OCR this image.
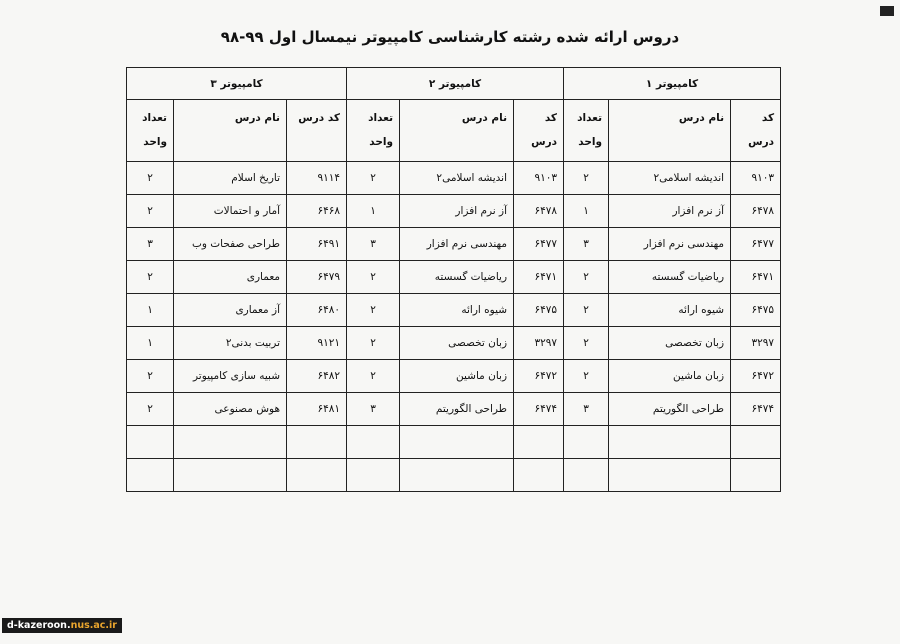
دروس ارائه شده رشته کارشناسی کامپیوتر نیمسال اول ۹۹-۹۸
کامپیوتر ۱			کامپیوتر ۲			کامپیوتر ۳		
کد درس	نام درس	تعداد واحد	کد درس	نام درس	تعداد واحد	کد درس	نام درس	تعداد واحد
۹۱۰۳	اندیشه اسلامی۲	۲	۹۱۰۳	اندیشه اسلامی۲	۲	۹۱۱۴	تاریخ اسلام	۲
۶۴۷۸	آز نرم افزار	۱	۶۴۷۸	آز نرم افزار	۱	۶۴۶۸	آمار و احتمالات	۲
۶۴۷۷	مهندسی نرم افزار	۳	۶۴۷۷	مهندسی نرم افزار	۳	۶۴۹۱	طراحی صفحات وب	۳
۶۴۷۱	ریاضیات گسسته	۲	۶۴۷۱	ریاضیات گسسته	۲	۶۴۷۹	معماری	۲
۶۴۷۵	شیوه ارائه	۲	۶۴۷۵	شیوه ارائه	۲	۶۴۸۰	آز معماری	۱
۳۲۹۷	زبان تخصصی	۲	۳۲۹۷	زبان تخصصی	۲	۹۱۲۱	تربیت بدنی۲	۱
۶۴۷۲	زبان ماشین	۲	۶۴۷۲	زبان ماشین	۲	۶۴۸۲	شبیه سازی کامپیوتر	۲
۶۴۷۴	طراحی الگوریتم	۳	۶۴۷۴	طراحی الگوریتم	۳	۶۴۸۱	هوش مصنوعی	۲

d-kazeroon.nus.ac.ir
